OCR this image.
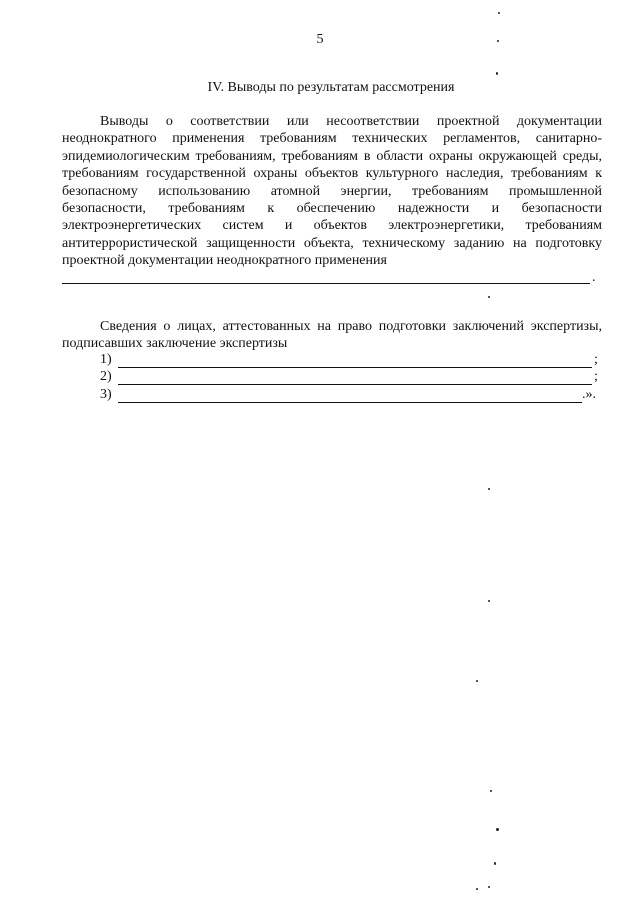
5
IV. Выводы по результатам рассмотрения
Выводы о соответствии или несоответствии проектной документации неоднократного применения требованиям технических регламентов, санитарно-эпидемиологическим требованиям, требованиям в области охраны окружающей среды, требованиям государственной охраны объектов культурного наследия, требованиям к безопасному использованию атомной энергии, требованиям промышленной безопасности, требованиям к обеспечению надежности и безопасности электроэнергетических систем и объектов электроэнергетики, требованиям антитеррористической защищенности объекта, техническому заданию на подготовку проектной документации неоднократного применения
.
Сведения о лицах, аттестованных на право подготовки заключений экспертизы, подписавших заключение экспертизы
1)	;
2)	;
3)	.».
